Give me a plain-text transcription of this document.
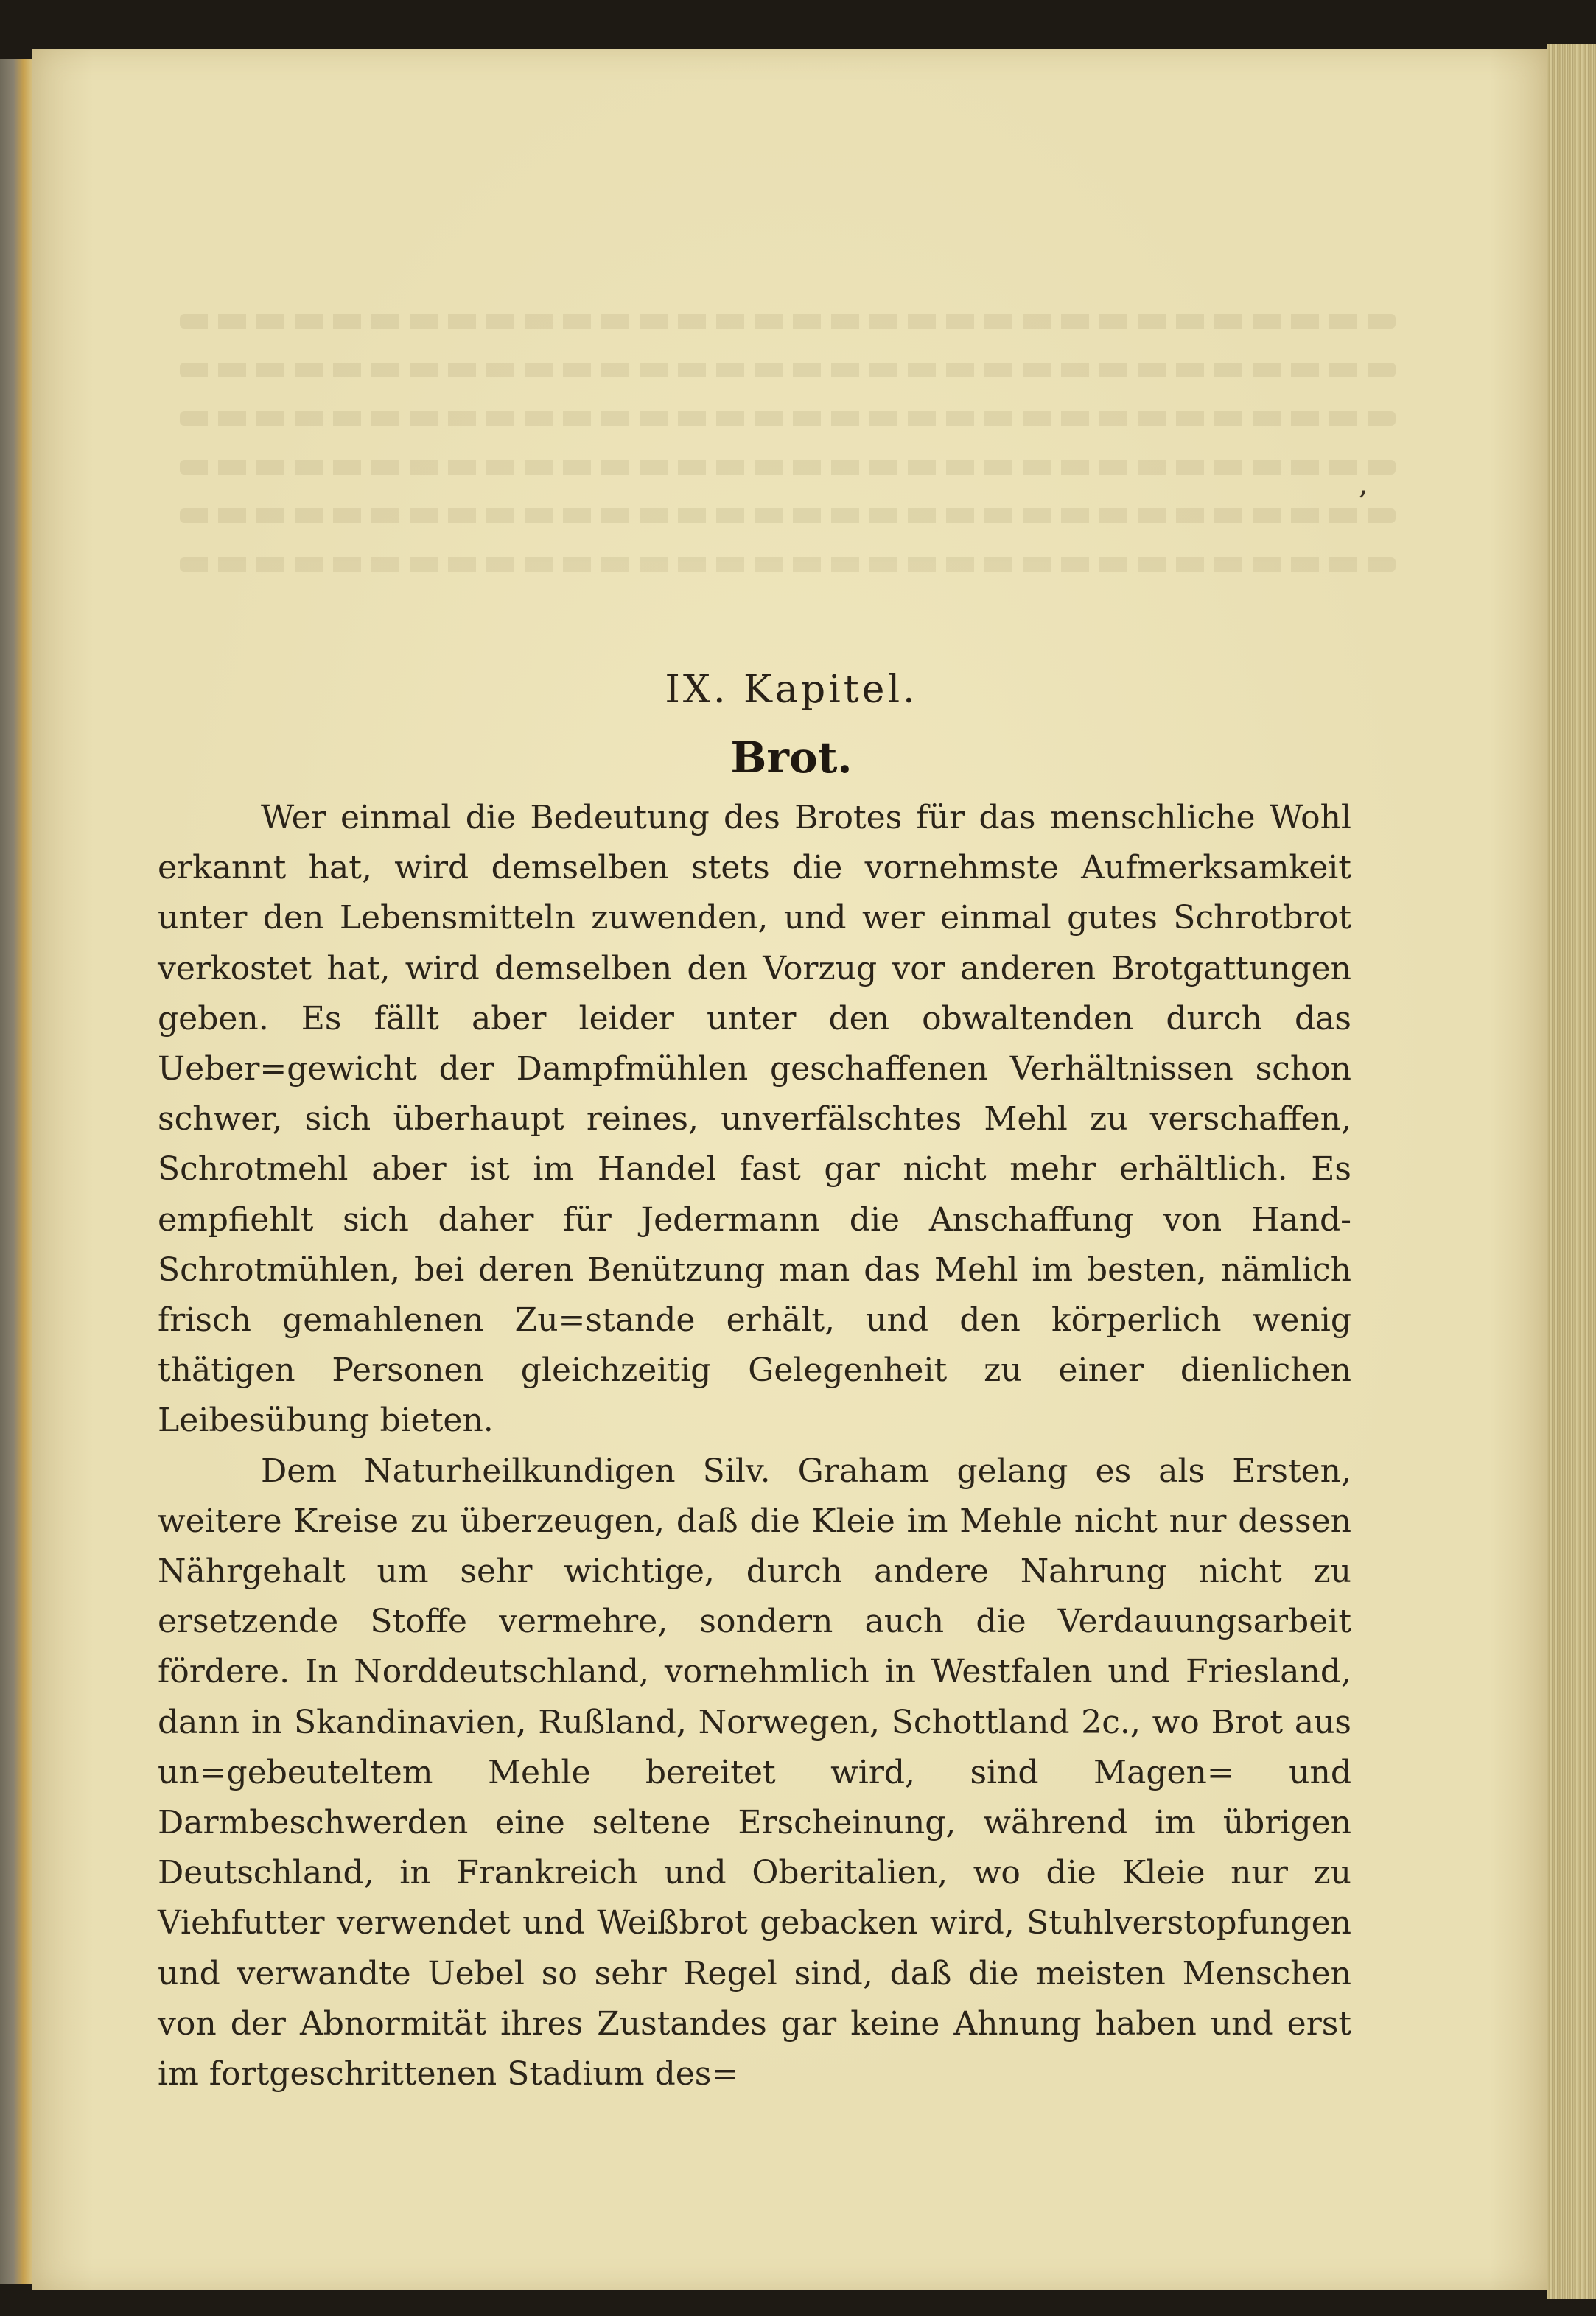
,
IX. Kapitel.
Brot.

Wer einmal die Bedeutung des Brotes für das menschliche Wohl erkannt hat, wird demselben stets die vornehmste Aufmerksamkeit unter den Lebensmitteln zuwenden, und wer einmal gutes Schrotbrot verkostet hat, wird demselben den Vorzug vor anderen Brotgattungen geben. Es fällt aber leider unter den obwaltenden durch das Ueber=gewicht der Dampfmühlen geschaffenen Verhältnissen schon schwer, sich überhaupt reines, unverfälschtes Mehl zu verschaffen, Schrotmehl aber ist im Handel fast gar nicht mehr erhältlich. Es empfiehlt sich daher für Jedermann die Anschaffung von Hand-Schrotmühlen, bei deren Benützung man das Mehl im besten, nämlich frisch gemahlenen Zu=stande erhält, und den körperlich wenig thätigen Personen gleichzeitig Gelegenheit zu einer dienlichen Leibesübung bieten.

Dem Naturheilkundigen Silv. Graham gelang es als Ersten, weitere Kreise zu überzeugen, daß die Kleie im Mehle nicht nur dessen Nährgehalt um sehr wichtige, durch andere Nahrung nicht zu ersetzende Stoffe vermehre, sondern auch die Verdauungsarbeit fördere. In Norddeutschland, vornehmlich in Westfalen und Friesland, dann in Skandinavien, Rußland, Norwegen, Schottland 2c., wo Brot aus un=gebeuteltem Mehle bereitet wird, sind Magen= und Darmbeschwerden eine seltene Erscheinung, während im übrigen Deutschland, in Frankreich und Oberitalien, wo die Kleie nur zu Viehfutter verwendet und Weißbrot gebacken wird, Stuhlverstopfungen und verwandte Uebel so sehr Regel sind, daß die meisten Menschen von der Abnormität ihres Zustandes gar keine Ahnung haben und erst im fortgeschrittenen Stadium des=
